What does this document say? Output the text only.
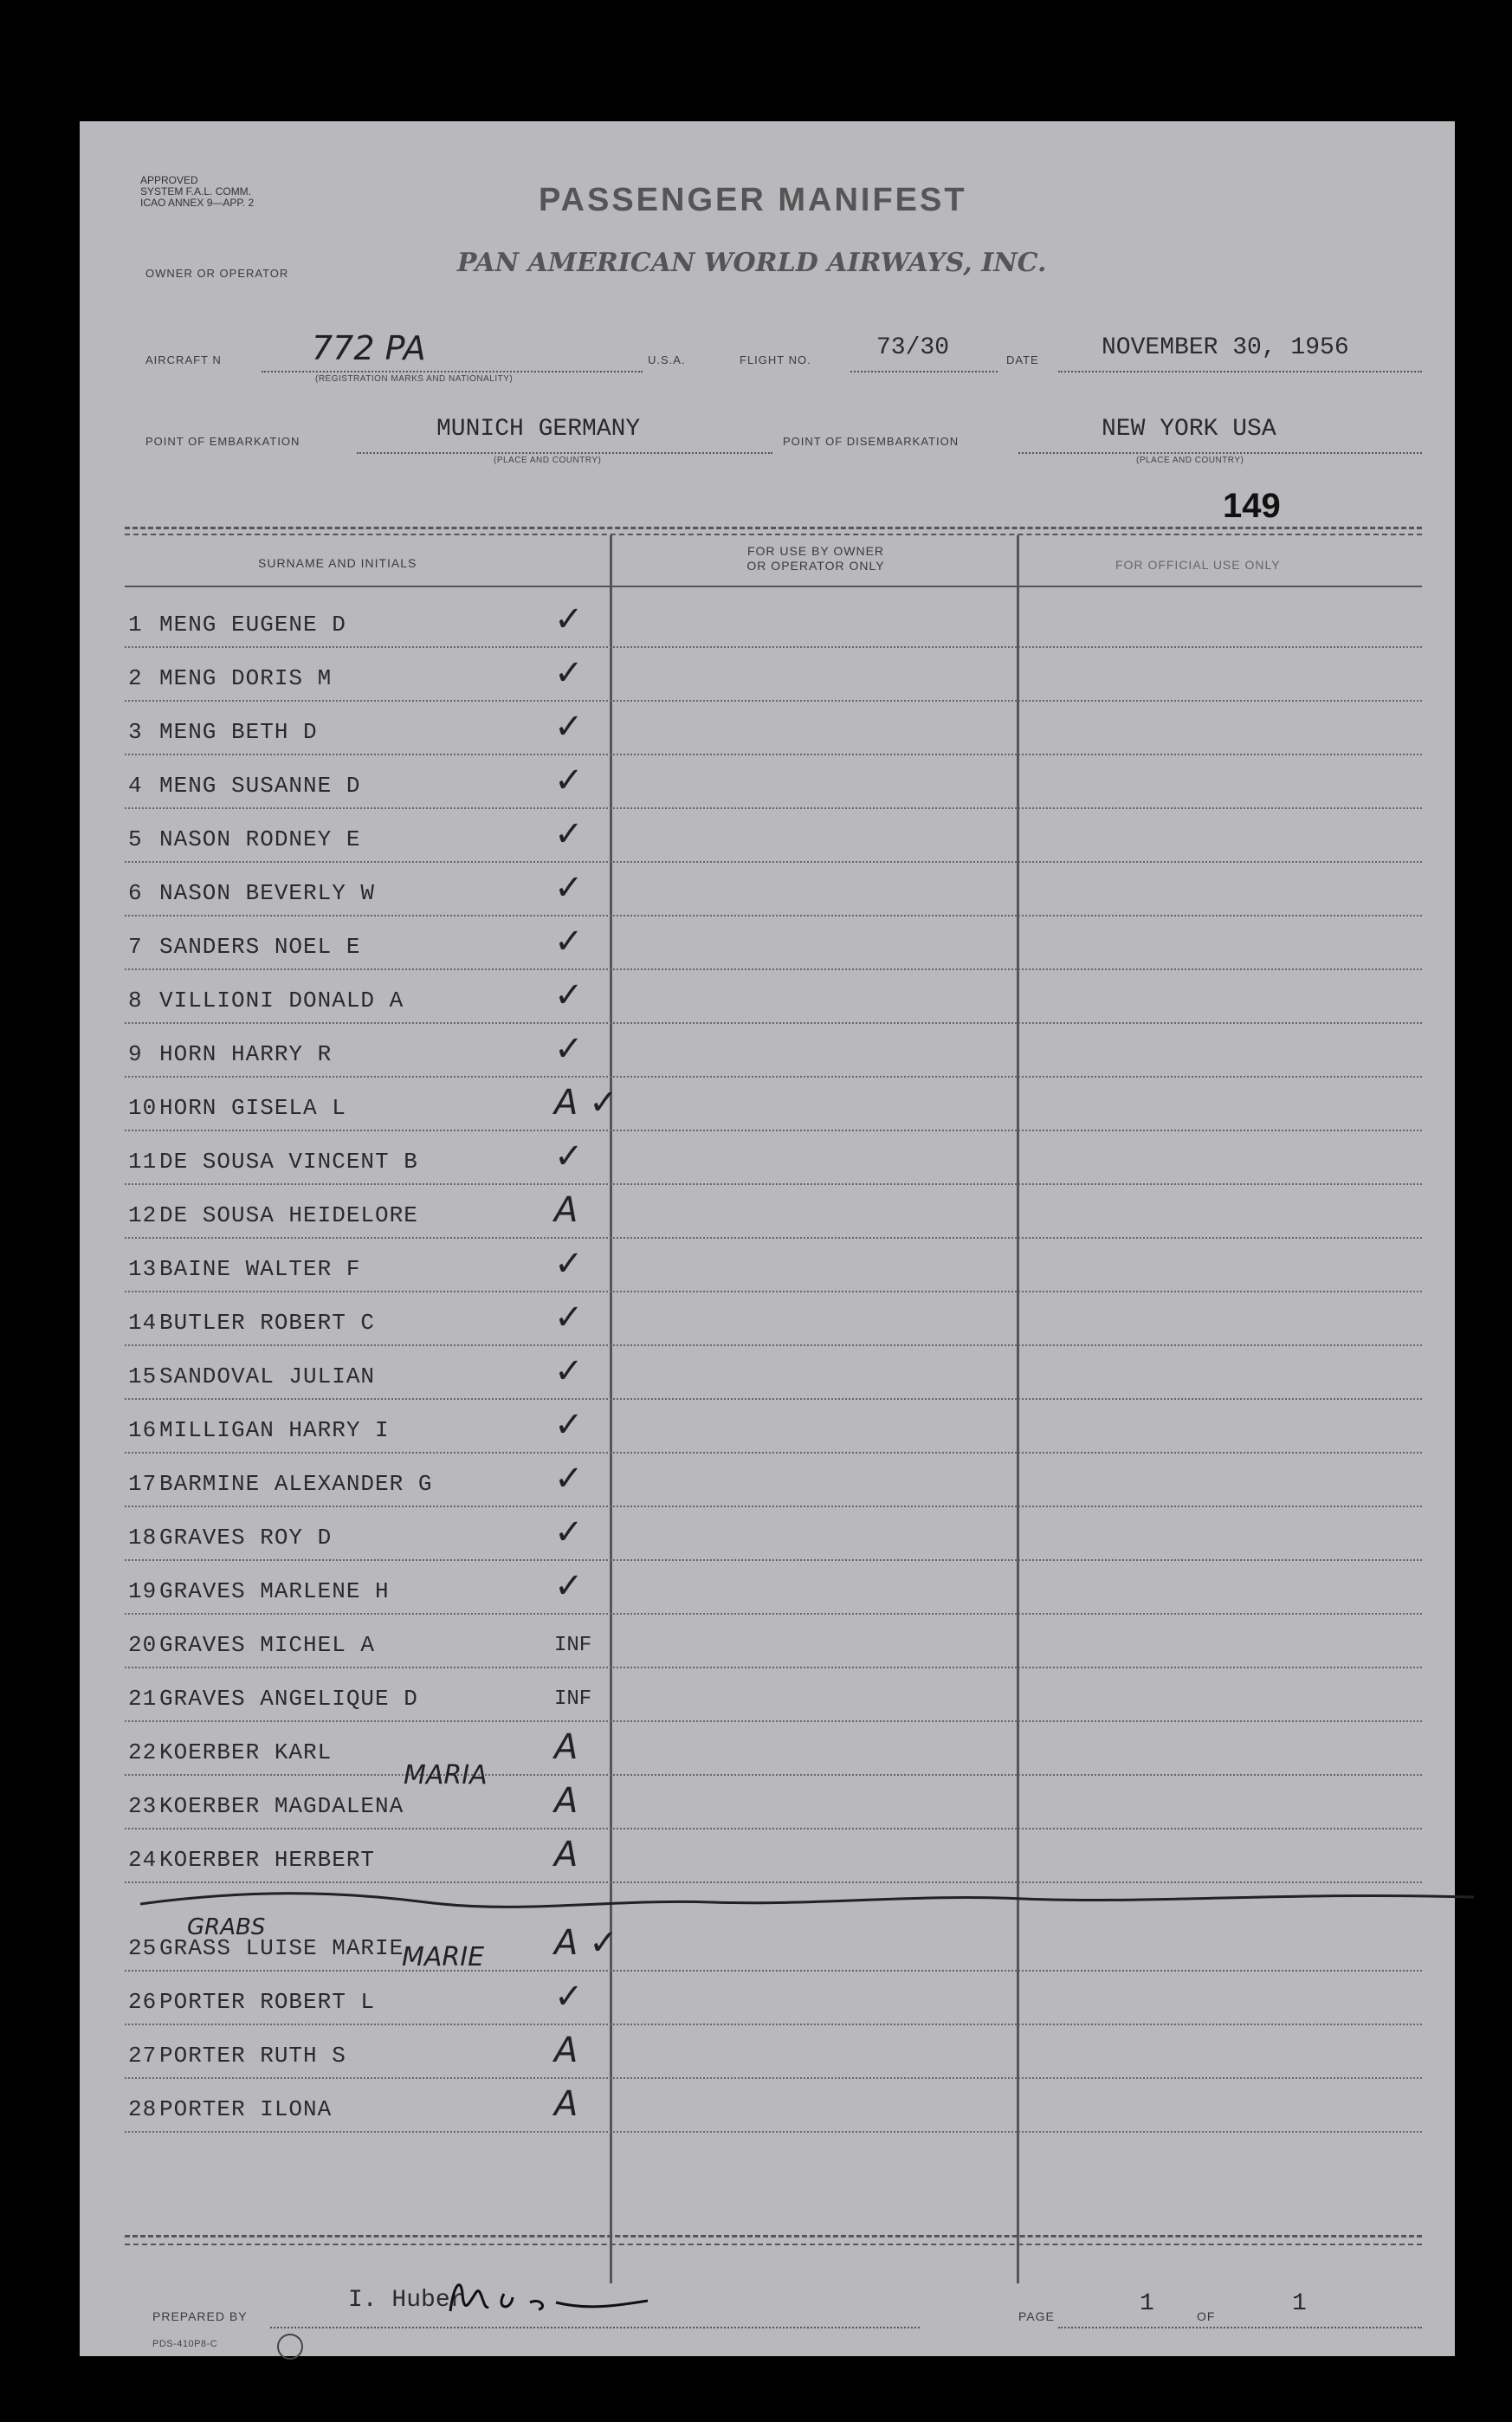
APPROVED
SYSTEM F.A.L. COMM.
ICAO ANNEX 9—APP. 2	PASSENGER MANIFEST
PAN AMERICAN WORLD AIRWAYS, INC.
OWNER OR OPERATOR
AIRCRAFT N	772 PA
(REGISTRATION MARKS AND NATIONALITY)
U.S.A.	FLIGHT NO.	73/30	DATE	NOVEMBER 30, 1956
POINT OF EMBARKATION	MUNICH GERMANY
(PLACE AND COUNTRY)
POINT OF DISEMBARKATION	NEW YORK USA
(PLACE AND COUNTRY)
149
SURNAME AND INITIALS
FOR USE BY OWNER
OR OPERATOR ONLY	FOR OFFICIAL USE ONLY
1 MENG EUGENE D	✓
2 MENG DORIS M	✓
3 MENG BETH D	✓
4 MENG SUSANNE D	✓
5 NASON RODNEY E	✓
6 NASON BEVERLY W	✓
7 SANDERS NOEL E	✓
8 VILLIONI DONALD A	✓
9 HORN HARRY R	✓
10 HORN GISELA L	A ✓
11 DE SOUSA VINCENT B	✓
12 DE SOUSA HEIDELORE	A
13 BAINE WALTER F	✓
14 BUTLER ROBERT C	✓
15 SANDOVAL JULIAN	✓
16 MILLIGAN HARRY I	✓
17 BARMINE ALEXANDER G	✓
18 GRAVES ROY D	✓
19 GRAVES MARLENE H	✓
20 GRAVES MICHEL A	INF
21 GRAVES ANGELIQUE D	INF
22 KOERBER KARL	A
23 KOERBER MAGDALENA	A
24 KOERBER HERBERT	A
25 GRASS LUISE MARIE	A ✓
26 PORTER ROBERT L	✓
27 PORTER RUTH S	A
28 PORTER ILONA	A
MARIA
GRABS
MARIE
PREPARED BY
I. Huber
PAGE	1	OF	1
PDS-410P8-C
